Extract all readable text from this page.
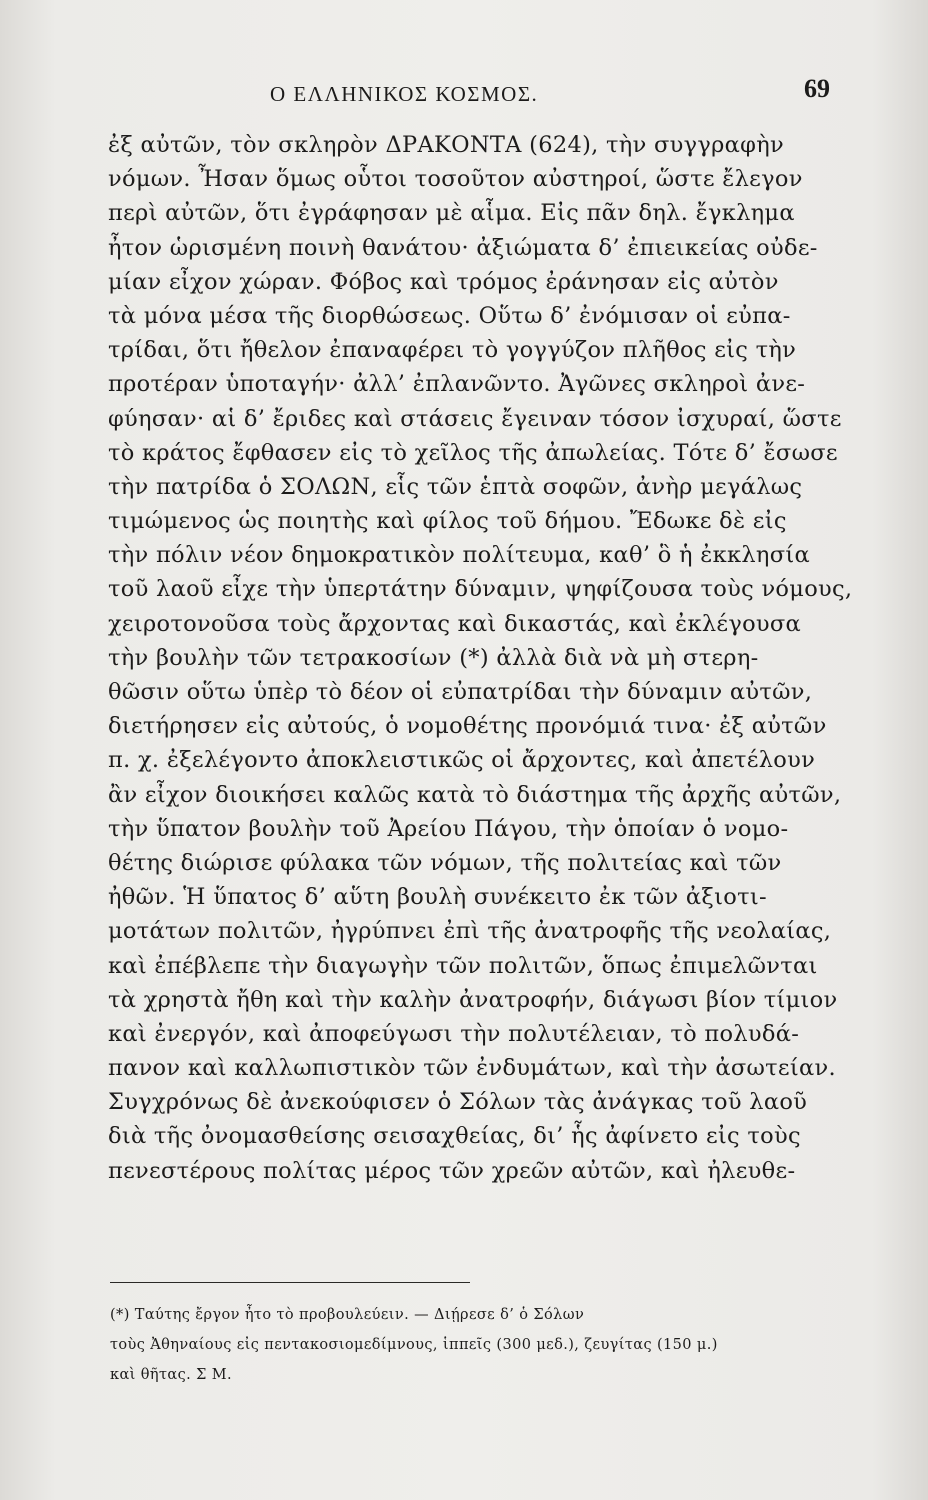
Ο ΕΛΛΗΝΙΚΟΣ ΚΟΣΜΟΣ.	69
ἐξ αὐτῶν, τὸν σκληρὸν ΔΡΑΚΟΝΤΑ (624), τὴν συγγραφὴν
νόμων. Ἦσαν ὅμως οὗτοι τοσοῦτον αὐστηροί, ὥστε ἔλεγον
περὶ αὐτῶν, ὅτι ἐγράφησαν μὲ αἷμα. Εἰς πᾶν δηλ. ἔγκλημα
ἦτον ὡρισμένη ποινὴ θανάτου· ἀξιώματα δ’ ἐπιεικείας οὐδε-
μίαν εἶχον χώραν. Φόβος καὶ τρόμος ἐράνησαν εἰς αὐτὸν
τὰ μόνα μέσα τῆς διορθώσεως. Οὕτω δ’ ἐνόμισαν οἱ εὐπα-
τρίδαι, ὅτι ἤθελον ἐπαναφέρει τὸ γογγύζον πλῆθος εἰς τὴν
προτέραν ὑποταγήν· ἀλλ’ ἐπλανῶντο. Ἀγῶνες σκληροὶ ἀνε-
φύησαν· αἱ δ’ ἔριδες καὶ στάσεις ἔγειναν τόσον ἰσχυραί, ὥστε
τὸ κράτος ἔφθασεν εἰς τὸ χεῖλος τῆς ἀπωλείας. Τότε δ’ ἔσωσε
τὴν πατρίδα ὁ ΣΟΛΩΝ, εἷς τῶν ἑπτὰ σοφῶν, ἀνὴρ μεγάλως
τιμώμενος ὡς ποιητὴς καὶ φίλος τοῦ δήμου. Ἔδωκε δὲ εἰς
τὴν πόλιν νέον δημοκρατικὸν πολίτευμα, καθ’ ὃ ἡ ἐκκλησία
τοῦ λαοῦ εἶχε τὴν ὑπερτάτην δύναμιν, ψηφίζουσα τοὺς νόμους,
χειροτονοῦσα τοὺς ἄρχοντας καὶ δικαστάς, καὶ ἐκλέγουσα
τὴν βουλὴν τῶν τετρακοσίων (*) ἀλλὰ διὰ νὰ μὴ στερη-
θῶσιν οὕτω ὑπὲρ τὸ δέον οἱ εὐπατρίδαι τὴν δύναμιν αὐτῶν,
διετήρησεν εἰς αὐτούς, ὁ νομοθέτης προνόμιά τινα· ἐξ αὐτῶν
π. χ. ἐξελέγοντο ἀποκλειστικῶς οἱ ἄρχοντες, καὶ ἀπετέλουν
ἂν εἶχον διοικήσει καλῶς κατὰ τὸ διάστημα τῆς ἀρχῆς αὐτῶν,
τὴν ὕπατον βουλὴν τοῦ Ἀρείου Πάγου, τὴν ὁποίαν ὁ νομο-
θέτης διώρισε φύλακα τῶν νόμων, τῆς πολιτείας καὶ τῶν
ἠθῶν. Ἡ ὕπατος δ’ αὕτη βουλὴ συνέκειτο ἐκ τῶν ἀξιοτι-
μοτάτων πολιτῶν, ἠγρύπνει ἐπὶ τῆς ἀνατροφῆς τῆς νεολαίας,
καὶ ἐπέβλεπε τὴν διαγωγὴν τῶν πολιτῶν, ὅπως ἐπιμελῶνται
τὰ χρηστὰ ἤθη καὶ τὴν καλὴν ἀνατροφήν, διάγωσι βίον τίμιον
καὶ ἐνεργόν, καὶ ἀποφεύγωσι τὴν πολυτέλειαν, τὸ πολυδά-
πανον καὶ καλλωπιστικὸν τῶν ἐνδυμάτων, καὶ τὴν ἀσωτείαν.
Συγχρόνως δὲ ἀνεκούφισεν ὁ Σόλων τὰς ἀνάγκας τοῦ λαοῦ
διὰ τῆς ὀνομασθείσης σεισαχθείας, δι’ ἧς ἀφίνετο εἰς τοὺς
πενεστέρους πολίτας μέρος τῶν χρεῶν αὐτῶν, καὶ ἠλευθε-
(*) Ταύτης ἔργον ἦτο τὸ προβουλεύειν. — Διῄρεσε δ’ ὁ Σόλων
τοὺς Ἀθηναίους εἰς πεντακοσιομεδίμνους, ἱππεῖς (300 μεδ.), ζευγίτας (150 μ.)
καὶ θῆτας. Σ Μ.
